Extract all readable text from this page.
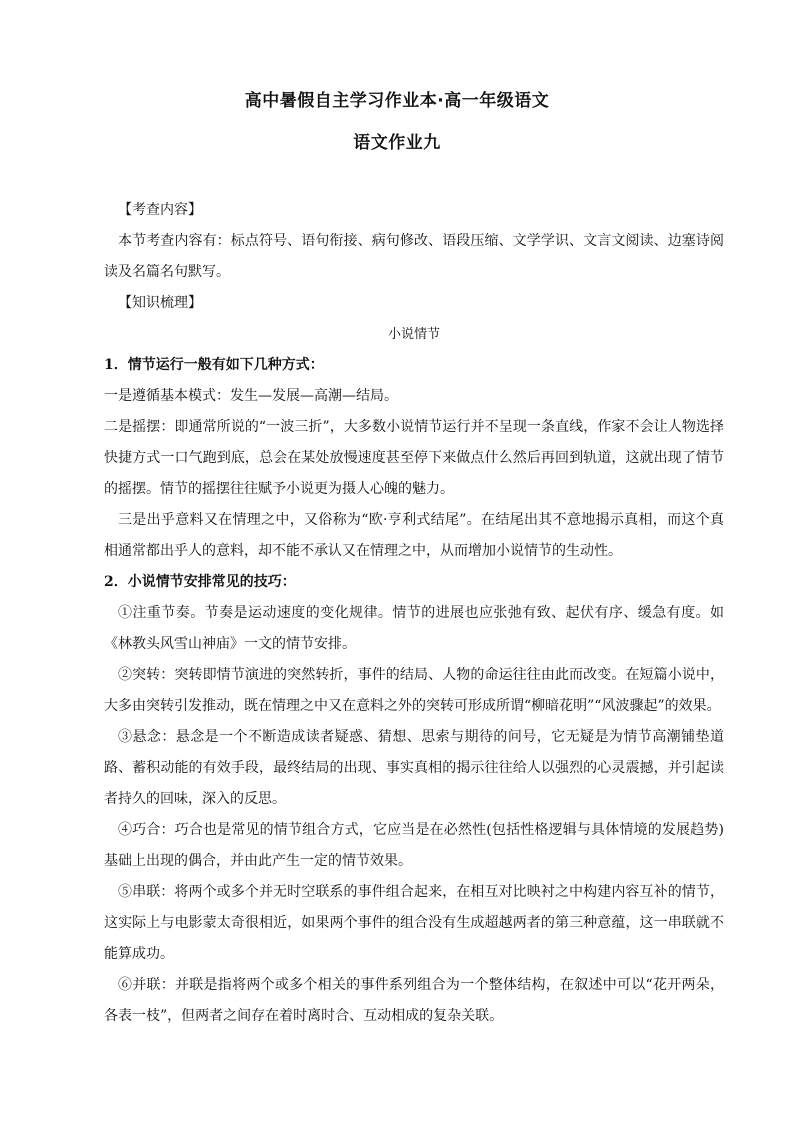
高中暑假自主学习作业本·高一年级语文
语文作业九

【考查内容】

本节考查内容有：标点符号、语句衔接、病句修改、语段压缩、文学学识、文言文阅读、边塞诗阅读及名篇名句默写。

【知识梳理】

小说情节

1．情节运行一般有如下几种方式：

一是遵循基本模式：发生—发展—高潮—结局。

二是摇摆：即通常所说的“一波三折”，大多数小说情节运行并不呈现一条直线，作家不会让人物选择快捷方式一口气跑到底，总会在某处放慢速度甚至停下来做点什么然后再回到轨道，这就出现了情节的摇摆。情节的摇摆往往赋予小说更为摄人心魄的魅力。

三是出乎意料又在情理之中，又俗称为“欧·亨利式结尾”。在结尾出其不意地揭示真相，而这个真相通常都出乎人的意料，却不能不承认又在情理之中，从而增加小说情节的生动性。

2．小说情节安排常见的技巧：

①注重节奏。节奏是运动速度的变化规律。情节的进展也应张弛有致、起伏有序、缓急有度。如《林教头风雪山神庙》一文的情节安排。

②突转：突转即情节演进的突然转折，事件的结局、人物的命运往往由此而改变。在短篇小说中，大多由突转引发推动，既在情理之中又在意料之外的突转可形成所谓“柳暗花明”“风波骤起”的效果。

③悬念：悬念是一个不断造成读者疑惑、猜想、思索与期待的问号，它无疑是为情节高潮铺垫道路、蓄积动能的有效手段，最终结局的出现、事实真相的揭示往往给人以强烈的心灵震撼，并引起读者持久的回味，深入的反思。

④巧合：巧合也是常见的情节组合方式，它应当是在必然性(包括性格逻辑与具体情境的发展趋势)基础上出现的偶合，并由此产生一定的情节效果。

⑤串联：将两个或多个并无时空联系的事件组合起来，在相互对比映衬之中构建内容互补的情节，这实际上与电影蒙太奇很相近，如果两个事件的组合没有生成超越两者的第三种意蕴，这一串联就不能算成功。

⑥并联：并联是指将两个或多个相关的事件系列组合为一个整体结构，在叙述中可以“花开两朵，各表一枝”，但两者之间存在着时离时合、互动相成的复杂关联。
